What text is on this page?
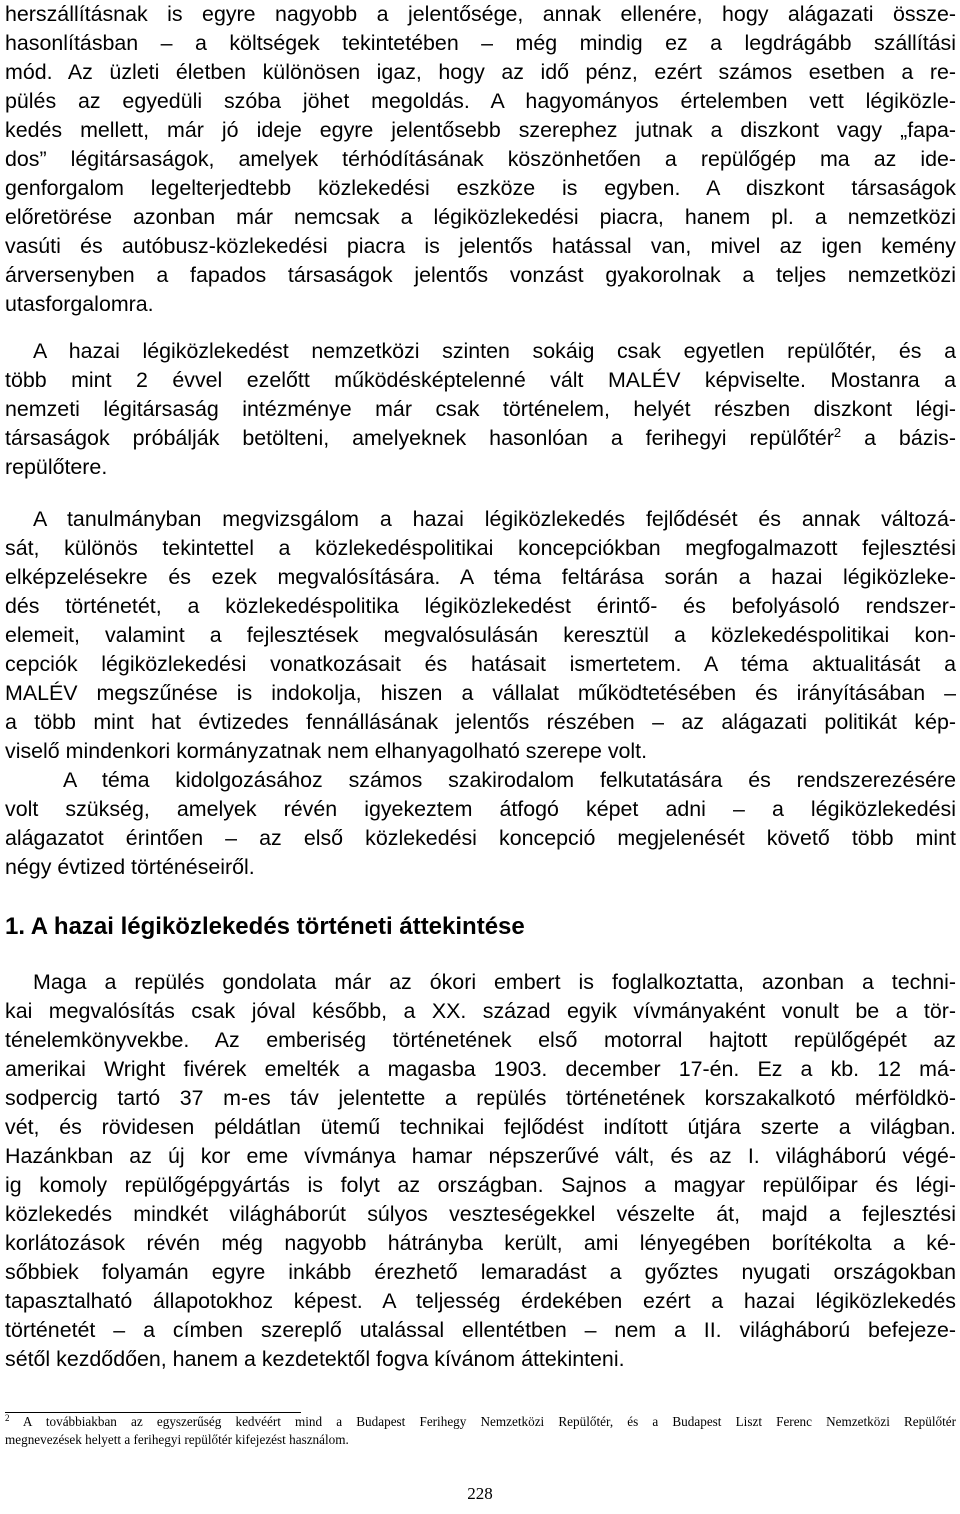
herszállításnak is egyre nagyobb a jelentősége, annak ellenére, hogy alágazati össze-
hasonlításban – a költségek tekintetében – még mindig ez a legdrágább szállítási
mód. Az üzleti életben különösen igaz, hogy az idő pénz, ezért számos esetben a re-
pülés az egyedüli szóba jöhet megoldás. A hagyományos értelemben vett légiközle-
kedés mellett, már jó ideje egyre jelentősebb szerephez jutnak a diszkont vagy „fapa-
dos” légitársaságok, amelyek térhódításának köszönhetően a repülőgép ma az ide-
genforgalom legelterjedtebb közlekedési eszköze is egyben. A diszkont társaságok
előretörése azonban már nemcsak a légiközlekedési piacra, hanem pl. a nemzetközi
vasúti és autóbusz-közlekedési piacra is jelentős hatással van, mivel az igen kemény
árversenyben a fapados társaságok jelentős vonzást gyakorolnak a teljes nemzetközi
utasforgalomra.
A hazai légiközlekedést nemzetközi szinten sokáig csak egyetlen repülőtér, és a
több mint 2 évvel ezelőtt működésképtelenné vált MALÉV képviselte. Mostanra a
nemzeti légitársaság intézménye már csak történelem, helyét részben diszkont légi-
társaságok próbálják betölteni, amelyeknek hasonlóan a ferihegyi repülőtér$^2$ a bázis-
repülőtere.
A tanulmányban megvizsgálom a hazai légiközlekedés fejlődését és annak változá-
sát, különös tekintettel a közlekedéspolitikai koncepciókban megfogalmazott fejlesztési
elképzelésekre és ezek megvalósítására. A téma feltárása során a hazai légiközleke-
dés történetét, a közlekedéspolitika légiközlekedést érintő- és befolyásoló rendszer-
elemeit, valamint a fejlesztések megvalósulásán keresztül a közlekedéspolitikai kon-
cepciók légiközlekedési vonatkozásait és hatásait ismertetem. A téma aktualitását a
MALÉV megszűnése is indokolja, hiszen a vállalat működtetésében és irányításában –
a több mint hat évtizedes fennállásának jelentős részében – az alágazati politikát kép-
viselő mindenkori kormányzatnak nem elhanyagolható szerepe volt.
A téma kidolgozásához számos szakirodalom felkutatására és rendszerezésére
volt szükség, amelyek révén igyekeztem átfogó képet adni – a légiközlekedési
alágazatot érintően – az első közlekedési koncepció megjelenését követő több mint
négy évtized történéseiről.
1. A hazai légiközlekedés történeti áttekintése
Maga a repülés gondolata már az ókori embert is foglalkoztatta, azonban a techni-
kai megvalósítás csak jóval később, a XX. század egyik vívmányaként vonult be a tör-
ténelemkönyvekbe. Az emberiség történetének első motorral hajtott repülőgépét az
amerikai Wright fivérek emelték a magasba 1903. december 17-én. Ez a kb. 12 má-
sodpercig tartó 37 m-es táv jelentette a repülés történetének korszakalkotó mérföldkö-
vét, és rövidesen példátlan ütemű technikai fejlődést indított útjára szerte a világban.
Hazánkban az új kor eme vívmánya hamar népszerűvé vált, és az I. világháború végé-
ig komoly repülőgépgyártás is folyt az országban. Sajnos a magyar repülőipar és légi-
közlekedés mindkét világháborút súlyos veszteségekkel vészelte át, majd a fejlesztési
korlátozások révén még nagyobb hátrányba került, ami lényegében borítékolta a ké-
sőbbiek folyamán egyre inkább érezhető lemaradást a győztes nyugati országokban
tapasztalható állapotokhoz képest. A teljesség érdekében ezért a hazai légiközlekedés
történetét – a címben szereplő utalással ellentétben – nem a II. világháború befejeze-
sétől kezdődően, hanem a kezdetektől fogva kívánom áttekinteni.
$^2$ A továbbiakban az egyszerűség kedvéért mind a Budapest Ferihegy Nemzetközi Repülőtér, és a Budapest Liszt Ferenc Nemzetközi Repülőtér
megnevezések helyett a ferihegyi repülőtér kifejezést használom.
228
